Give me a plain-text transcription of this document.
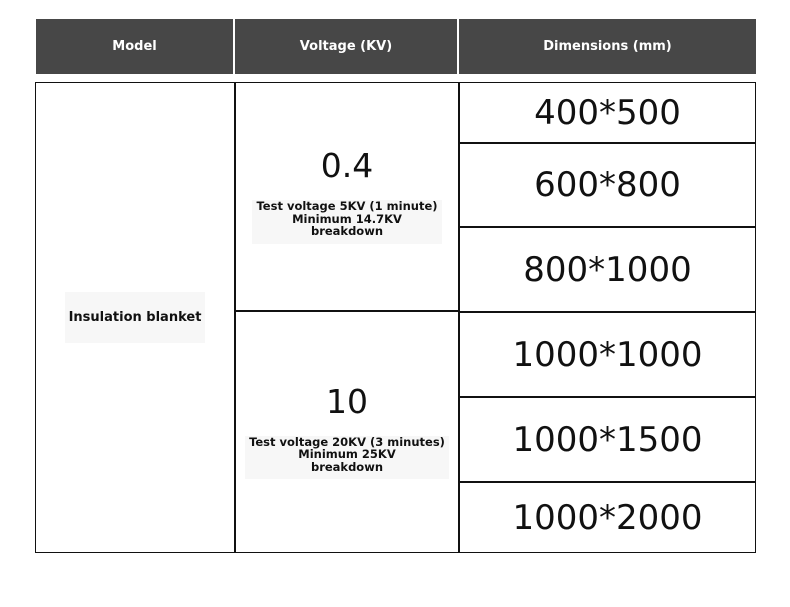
Model	Voltage (KV)	Dimensions (mm)
Insulation blanket
0.4
Test voltage 5KV (1 minute)
Minimum 14.7KV
breakdown
10
Test voltage 20KV (3 minutes)
Minimum 25KV
breakdown
400*500
600*800
800*1000
1000*1000
1000*1500
1000*2000
